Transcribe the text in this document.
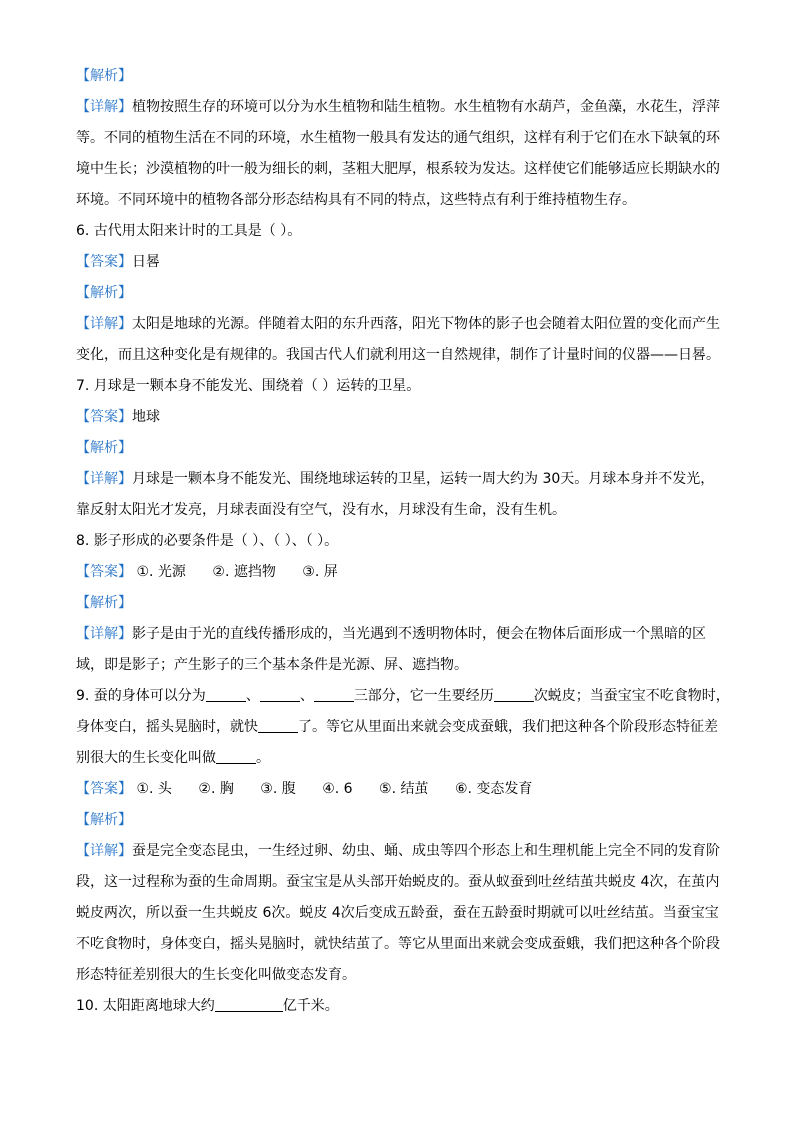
【解析】

【详解】植物按照生存的环境可以分为水生植物和陆生植物。水生植物有水葫芦，金鱼藻，水花生，浮萍

等。不同的植物生活在不同的环境，水生植物一般具有发达的通气组织，这样有利于它们在水下缺氧的环

境中生长；沙漠植物的叶一般为细长的刺，茎粗大肥厚，根系较为发达。这样使它们能够适应长期缺水的

环境。不同环境中的植物各部分形态结构具有不同的特点，这些特点有利于维持植物生存。

6. 古代用太阳来计时的工具是（ ）。

【答案】日晷

【解析】

【详解】太阳是地球的光源。伴随着太阳的东升西落，阳光下物体的影子也会随着太阳位置的变化而产生

变化，而且这种变化是有规律的。我国古代人们就利用这一自然规律，制作了计量时间的仪器——日晷。

7. 月球是一颗本身不能发光、围绕着（ ）运转的卫星。

【答案】地球

【解析】

【详解】月球是一颗本身不能发光、围绕地球运转的卫星，运转一周大约为 30天。月球本身并不发光，

靠反射太阳光才发亮，月球表面没有空气，没有水，月球没有生命，没有生机。

8. 影子形成的必要条件是（ ）、（ ）、（ ）。

【答案】 ①. 光源 ②. 遮挡物 ③. 屏

【解析】

【详解】影子是由于光的直线传播形成的，当光遇到不透明物体时，便会在物体后面形成一个黑暗的区

域，即是影子；产生影子的三个基本条件是光源、屏、遮挡物。

9. 蚕的身体可以分为	、	、	三部分，它一生要经历	次蜕皮；当蚕宝宝不吃食物时，

身体变白，摇头晃脑时，就快	了。等它从里面出来就会变成蚕蛾，我们把这种各个阶段形态特征差

别很大的生长变化叫做	。

【答案】 ①. 头 ②. 胸 ③. 腹 ④. 6 ⑤. 结茧 ⑥. 变态发育

【解析】

【详解】蚕是完全变态昆虫，一生经过卵、幼虫、蛹、成虫等四个形态上和生理机能上完全不同的发育阶

段，这一过程称为蚕的生命周期。蚕宝宝是从头部开始蜕皮的。蚕从蚁蚕到吐丝结茧共蜕皮 4次，在茧内

蜕皮两次，所以蚕一生共蜕皮 6次。蜕皮 4次后变成五龄蚕，蚕在五龄蚕时期就可以吐丝结茧。当蚕宝宝

不吃食物时，身体变白，摇头晃脑时，就快结茧了。等它从里面出来就会变成蚕蛾，我们把这种各个阶段

形态特征差别很大的生长变化叫做变态发育。

10. 太阳距离地球大约	亿千米。
